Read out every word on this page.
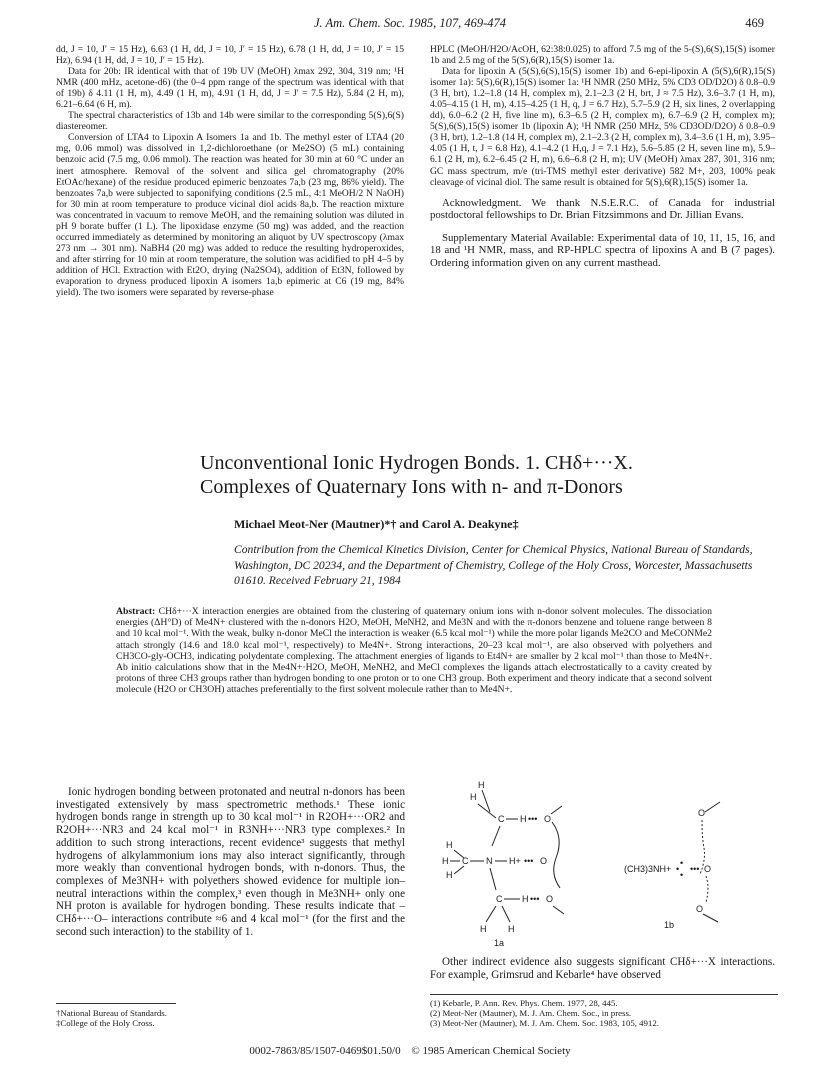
J. Am. Chem. Soc. 1985, 107, 469-474	469

dd, J = 10, J′ = 15 Hz), 6.63 (1 H, dd, J = 10, J′ = 15 Hz), 6.78 (1 H, dd, J = 10, J′ = 15 Hz), 6.94 (1 H, dd, J = 10, J′ = 15 Hz).

Data for 20b: IR identical with that of 19b UV (MeOH) λmax 292, 304, 319 nm; ¹H NMR (400 mHz, acetone-d6) (the 0–4 ppm range of the spectrum was identical with that of 19b) δ 4.11 (1 H, m), 4.49 (1 H, m), 4.91 (1 H, dd, J = J′ = 7.5 Hz), 5.84 (2 H, m), 6.21–6.64 (6 H, m).

The spectral characteristics of 13b and 14b were similar to the corresponding 5(S),6(S) diastereomer.

Conversion of LTA4 to Lipoxin A Isomers 1a and 1b. The methyl ester of LTA4 (20 mg, 0.06 mmol) was dissolved in 1,2-dichloroethane (or Me2SO) (5 mL) containing benzoic acid (7.5 mg, 0.06 mmol). The reaction was heated for 30 min at 60 °C under an inert atmosphere. Removal of the solvent and silica gel chromatography (20% EtOAc/hexane) of the residue produced epimeric benzoates 7a,b (23 mg, 86% yield). The benzoates 7a,b were subjected to saponifying conditions (2.5 mL, 4:1 MeOH/2 N NaOH) for 30 min at room temperature to produce vicinal diol acids 8a,b. The reaction mixture was concentrated in vacuum to remove MeOH, and the remaining solution was diluted in pH 9 borate buffer (1 L). The lipoxidase enzyme (50 mg) was added, and the reaction occurred immediately as determined by monitoring an aliquot by UV spectroscopy (λmax 273 nm → 301 nm). NaBH4 (20 mg) was added to reduce the resulting hydroperoxides, and after stirring for 10 min at room temperature, the solution was acidified to pH 4–5 by addition of HCl. Extraction with Et2O, drying (Na2SO4), addition of Et3N, followed by evaporation to dryness produced lipoxin A isomers 1a,b epimeric at C6 (19 mg, 84% yield). The two isomers were separated by reverse-phase

HPLC (MeOH/H2O/AcOH, 62:38:0.025) to afford 7.5 mg of the 5-(S),6(S),15(S) isomer 1b and 2.5 mg of the 5(S),6(R),15(S) isomer 1a.

Data for lipoxin A (5(S),6(S),15(S) isomer 1b) and 6-epi-lipoxin A (5(S),6(R),15(S) isomer 1a): 5(S),6(R),15(S) isomer 1a: ¹H NMR (250 MHz, 5% CD3 OD/D2O) δ 0.8–0.9 (3 H, brt), 1.2–1.8 (14 H, complex m), 2.1–2.3 (2 H, brt, J ≈ 7.5 Hz), 3.6–3.7 (1 H, m), 4.05–4.15 (1 H, m), 4.15–4.25 (1 H, q, J = 6.7 Hz), 5.7–5.9 (2 H, six lines, 2 overlapping dd), 6.0–6.2 (2 H, five line m), 6.3–6.5 (2 H, complex m), 6.7–6.9 (2 H, complex m); 5(S),6(S),15(S) isomer 1b (lipoxin A); ¹H NMR (250 MHz, 5% CD3OD/D2O) δ 0.8–0.9 (3 H, brt), 1.2–1.8 (14 H, complex m), 2.1–2.3 (2 H, complex m), 3.4–3.6 (1 H, m), 3.95–4.05 (1 H, t, J = 6.8 Hz), 4.1–4.2 (1 H,q, J = 7.1 Hz), 5.6–5.85 (2 H, seven line m), 5.9–6.1 (2 H, m), 6.2–6.45 (2 H, m), 6.6–6.8 (2 H, m); UV (MeOH) λmax 287, 301, 316 nm; GC mass spectrum, m/e (tri-TMS methyl ester derivative) 582 M+, 203, 100% peak cleavage of vicinal diol. The same result is obtained for 5(S),6(R),15(S) isomer 1a.

Acknowledgment. We thank N.S.E.R.C. of Canada for industrial postdoctoral fellowships to Dr. Brian Fitzsimmons and Dr. Jillian Evans.

Supplementary Material Available: Experimental data of 10, 11, 15, 16, and 18 and ¹H NMR, mass, and RP-HPLC spectra of lipoxins A and B (7 pages). Ordering information given on any current masthead.

Unconventional Ionic Hydrogen Bonds. 1. CHδ+···X.
Complexes of Quaternary Ions with n- and π-Donors
Michael Meot-Ner (Mautner)*† and Carol A. Deakyne‡
Contribution from the Chemical Kinetics Division, Center for Chemical Physics, National Bureau of Standards, Washington, DC 20234, and the Department of Chemistry, College of the Holy Cross, Worcester, Massachusetts 01610. Received February 21, 1984
Abstract: CHδ+···X interaction energies are obtained from the clustering of quaternary onium ions with n-donor solvent molecules. The dissociation energies (ΔH°D) of Me4N+ clustered with the n-donors H2O, MeOH, MeNH2, and Me3N and with the π-donors benzene and toluene range between 8 and 10 kcal mol⁻¹. With the weak, bulky n-donor MeCl the interaction is weaker (6.5 kcal mol⁻¹) while the more polar ligands Me2CO and MeCONMe2 attach strongly (14.6 and 18.0 kcal mol⁻¹, respectively) to Me4N+. Strong interactions, 20–23 kcal mol⁻¹, are also observed with polyethers and CH3CO-gly-OCH3, indicating polydentate complexing. The attachment energies of ligands to Et4N+ are smaller by 2 kcal mol⁻¹ than those to Me4N+. Ab initio calculations show that in the Me4N+·H2O, MeOH, MeNH2, and MeCl complexes the ligands attach electrostatically to a cavity created by protons of three CH3 groups rather than hydrogen bonding to one proton or to one CH3 group. Both experiment and theory indicate that a second solvent molecule (H2O or CH3OH) attaches preferentially to the first solvent molecule rather than to Me4N+.
Ionic hydrogen bonding between protonated and neutral n-donors has been investigated extensively by mass spectrometric methods.¹ These ionic hydrogen bonds range in strength up to 30 kcal mol⁻¹ in R2OH+···OR2 and R2OH+···NR3 and 24 kcal mol⁻¹ in R3NH+···NR3 type complexes.² In addition to such strong interactions, recent evidence³ suggests that methyl hydrogens of alkylammonium ions may also interact significantly, through more weakly than conventional hydrogen bonds, with n-donors. Thus, the complexes of Me3NH+ with polyethers showed evidence for multiple ion–neutral interactions within the complex,³ even though in Me3NH+ only one NH proton is available for hydrogen bonding. These results indicate that –CHδ+···O– interactions contribute ≈6 and 4 kcal mol⁻¹ (for the first and the second such interaction) to the stability of 1.
H
H
C H ••• O
H
H C N H+ ••• O
H
C H ••• O
H H
1a
O
(CH3)3NH+
•
•
•
••• O
O
1b
Other indirect evidence also suggests significant CHδ+···X interactions. For example, Grimsrud and Kebarle⁴ have observed
†National Bureau of Standards.
‡College of the Holy Cross.
(1) Kebarle, P. Ann. Rev. Phys. Chem. 1977, 28, 445.
(2) Meot-Ner (Mautner), M. J. Am. Chem. Soc., in press.
(3) Meot-Ner (Mautner), M. J. Am. Chem. Soc. 1983, 105, 4912.
0002-7863/85/1507-0469$01.50/0 © 1985 American Chemical Society
